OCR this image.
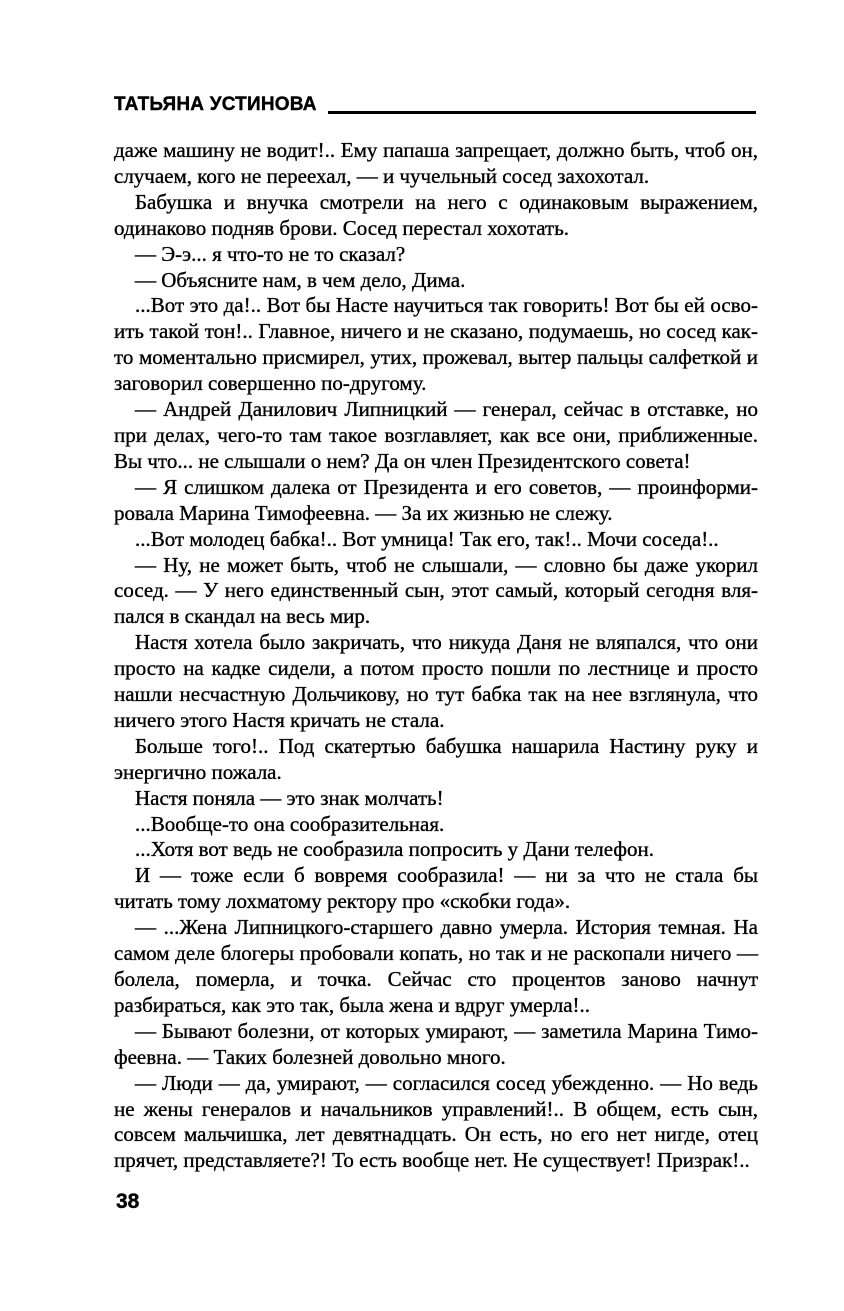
ТАТЬЯНА УСТИНОВА

даже машину не водит!.. Ему папаша запрещает, должно быть, чтоб он, случаем, кого не переехал, — и чучельный сосед захохотал.

Бабушка и внучка смотрели на него с одинаковым выражением, одинаково подняв брови. Сосед перестал хохотать.

— Э-э... я что-то не то сказал?

— Объясните нам, в чем дело, Дима.

...Вот это да!.. Вот бы Насте научиться так говорить! Вот бы ей освоить такой тон!.. Главное, ничего и не сказано, подумаешь, но сосед как-то моментально присмирел, утих, прожевал, вытер пальцы салфеткой и заговорил совершенно по-другому.

— Андрей Данилович Липницкий — генерал, сейчас в отставке, но при делах, чего-то там такое возглавляет, как все они, приближенные. Вы что... не слышали о нем? Да он член Президентского совета!

— Я слишком далека от Президента и его советов, — проинформировала Марина Тимофеевна. — За их жизнью не слежу.

...Вот молодец бабка!.. Вот умница! Так его, так!.. Мочи соседа!..

— Ну, не может быть, чтоб не слышали, — словно бы даже укорил сосед. — У него единственный сын, этот самый, который сегодня вляпался в скандал на весь мир.

Настя хотела было закричать, что никуда Даня не вляпался, что они просто на кадке сидели, а потом просто пошли по лестнице и просто нашли несчастную Дольчикову, но тут бабка так на нее взглянула, что ничего этого Настя кричать не стала.

Больше того!.. Под скатертью бабушка нашарила Настину руку и энергично пожала.

Настя поняла — это знак молчать!

...Вообще-то она сообразительная.

...Хотя вот ведь не сообразила попросить у Дани телефон.

И — тоже если б вовремя сообразила! — ни за что не стала бы читать тому лохматому ректору про «скобки года».

— ...Жена Липницкого-старшего давно умерла. История темная. На самом деле блогеры пробовали копать, но так и не раскопали ничего — болела, померла, и точка. Сейчас сто процентов заново начнут разбираться, как это так, была жена и вдруг умерла!..

— Бывают болезни, от которых умирают, — заметила Марина Тимофеевна. — Таких болезней довольно много.

— Люди — да, умирают, — согласился сосед убежденно. — Но ведь не жены генералов и начальников управлений!.. В общем, есть сын, совсем мальчишка, лет девятнадцать. Он есть, но его нет нигде, отец прячет, представляете?! То есть вообще нет. Не существует! Призрак!..

38
